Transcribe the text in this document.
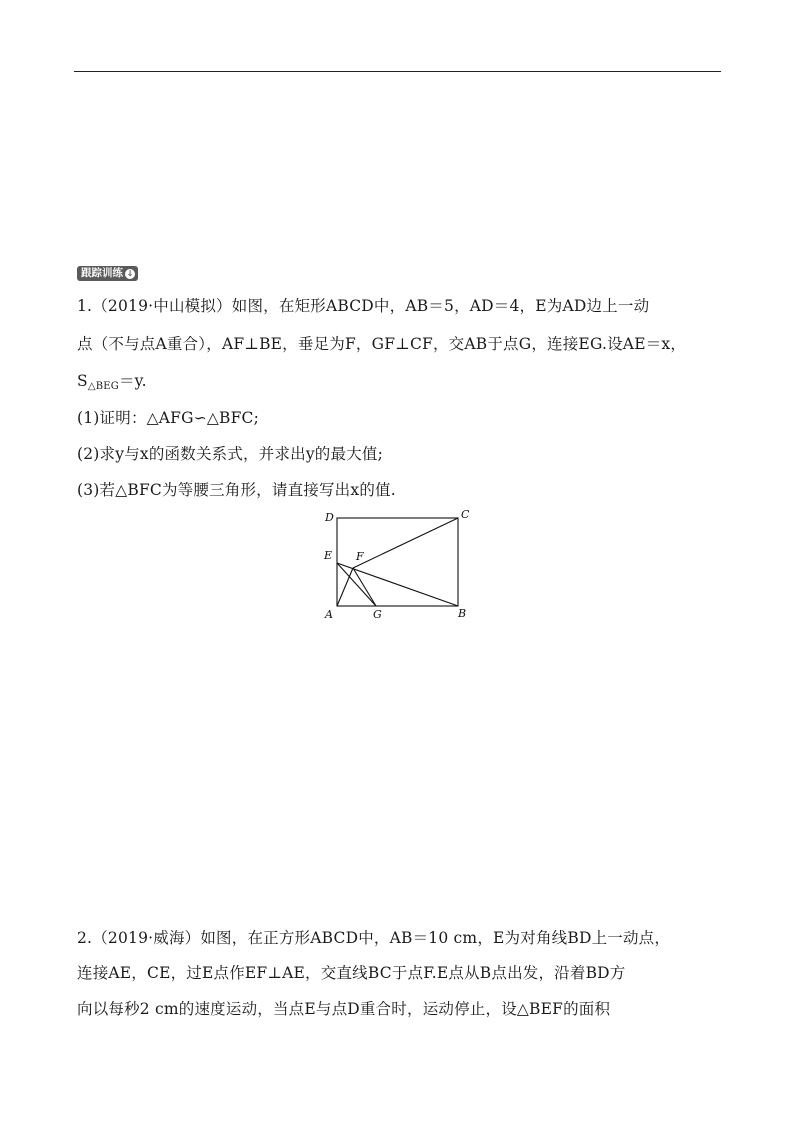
跟踪训练 ↓
1.（2019·中山模拟）如图，在矩形ABCD中，AB＝5，AD＝4，E为AD边上一动
点（不与点A重合），AF⊥BE，垂足为F，GF⊥CF，交AB于点G，连接EG.设AE＝x，
$S_{\triangle BEG}=y$.
(1)证明：△AFG∽△BFC;
(2)求y与x的函数关系式，并求出y的最大值;
(3)若△BFC为等腰三角形，请直接写出x的值.
D	C
E F
A	G	B
2.（2019·威海）如图，在正方形ABCD中，AB＝10 cm，E为对角线BD上一动点，
连接AE，CE，过E点作EF⊥AE，交直线BC于点F.E点从B点出发，沿着BD方
向以每秒2 cm的速度运动，当点E与点D重合时，运动停止，设△BEF的面积
